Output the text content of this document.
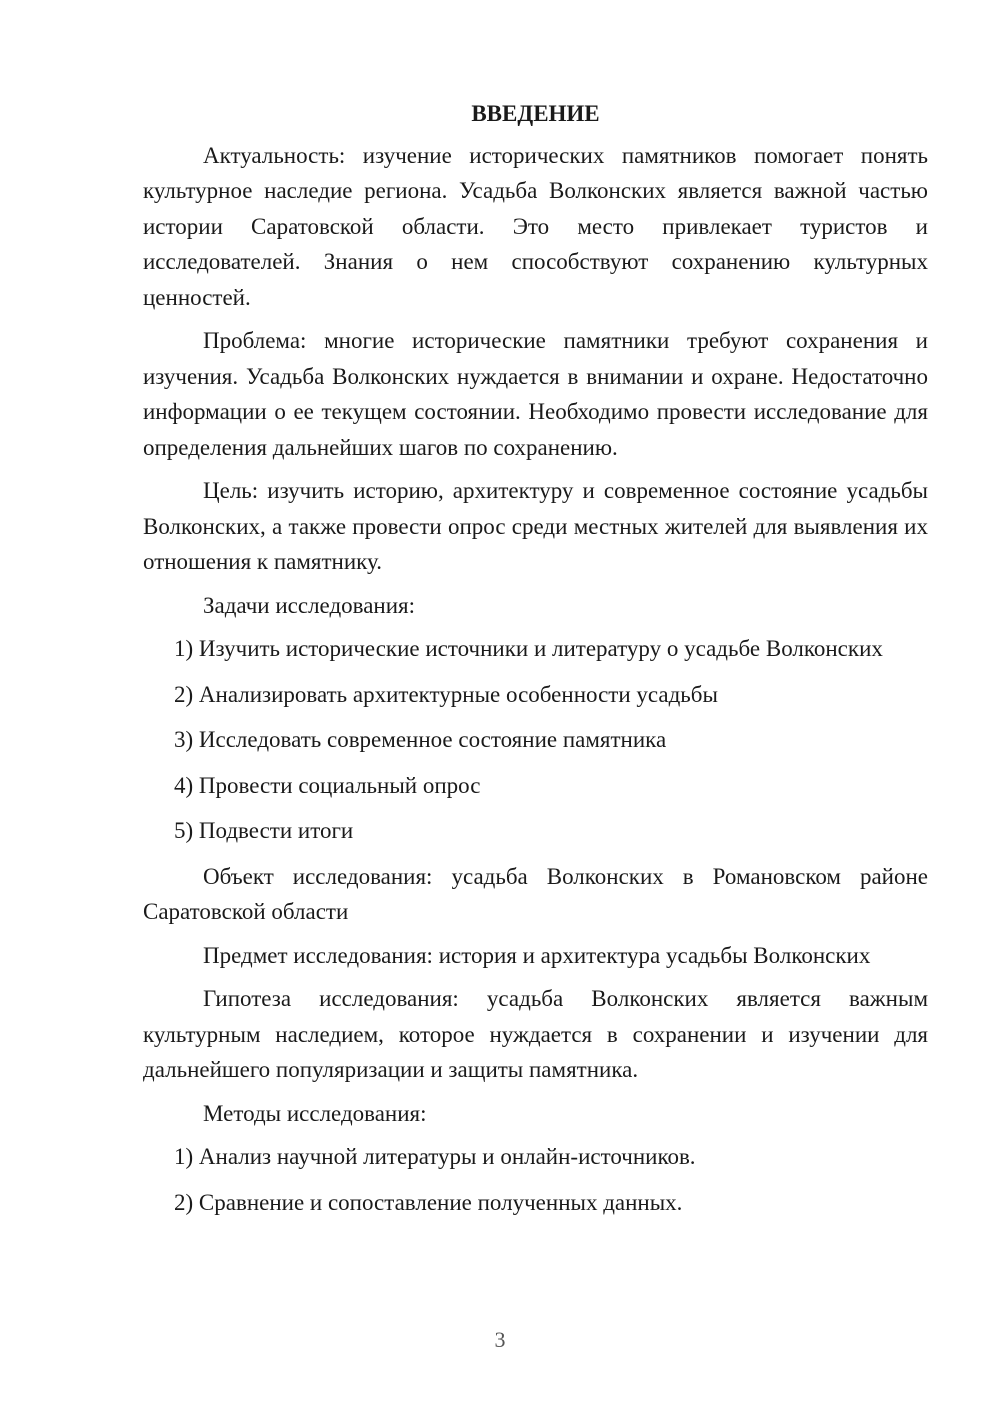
ВВЕДЕНИЕ

Актуальность: изучение исторических памятников помогает понять культурное наследие региона. Усадьба Волконских является важной частью истории Саратовской области. Это место привлекает туристов и исследователей. Знания о нем способствуют сохранению культурных ценностей.

Проблема: многие исторические памятники требуют сохранения и изучения. Усадьба Волконских нуждается в внимании и охране. Недостаточно информации о ее текущем состоянии. Необходимо провести исследование для определения дальнейших шагов по сохранению.

Цель: изучить историю, архитектуру и современное состояние усадьбы Волконских, а также провести опрос среди местных жителей для выявления их отношения к памятнику.

Задачи исследования:

1) Изучить исторические источники и литературу о усадьбе Волконских

2) Анализировать архитектурные особенности усадьбы

3) Исследовать современное состояние памятника

4) Провести социальный опрос

5) Подвести итоги

Объект исследования: усадьба Волконских в Романовском районе Саратовской области

Предмет исследования: история и архитектура усадьбы Волконских

Гипотеза исследования: усадьба Волконских является важным культурным наследием, которое нуждается в сохранении и изучении для дальнейшего популяризации и защиты памятника.

Методы исследования:

1) Анализ научной литературы и онлайн-источников.

2) Сравнение и сопоставление полученных данных.

3
